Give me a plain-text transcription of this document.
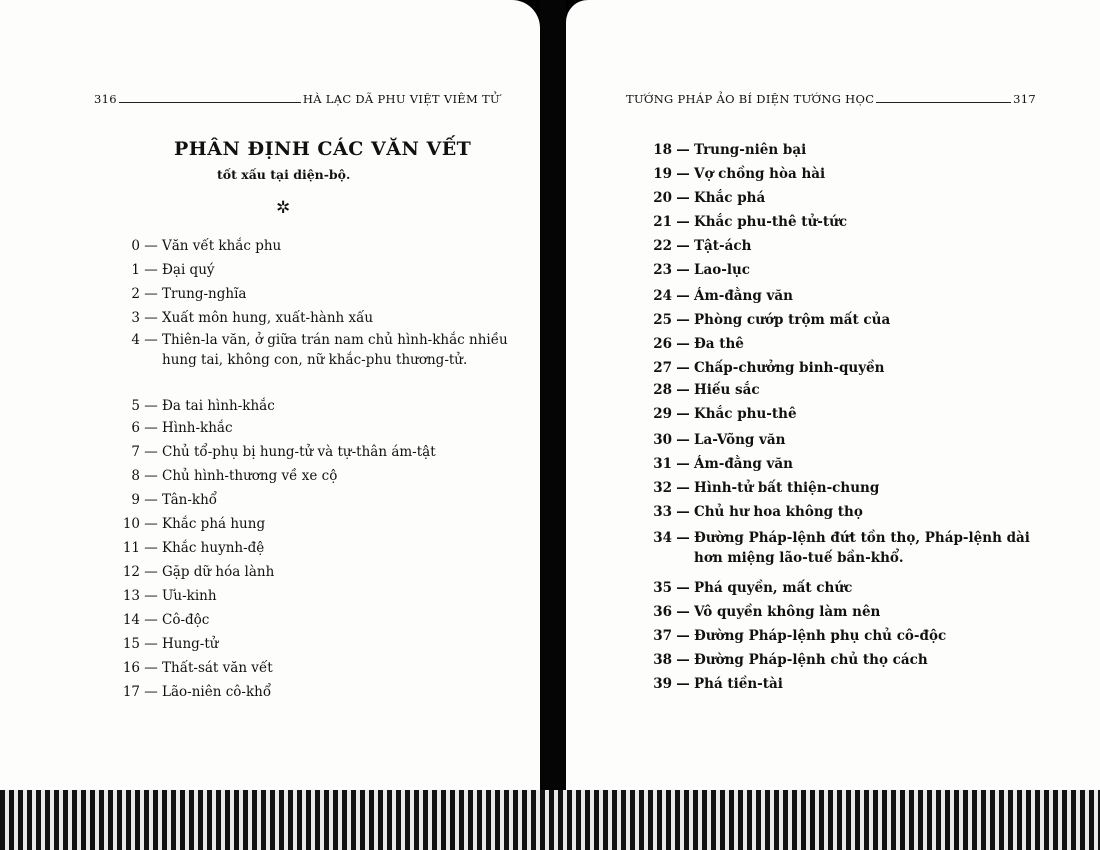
316	HÀ LẠC DÃ PHU VIỆT VIÊM TỬ	TƯỚNG PHÁP ẢO BÍ DIỆN TƯỚNG HỌC	317
PHÂN ĐỊNH CÁC VĂN VẾT
tốt xấu tại diện-bộ.
✲
0 — Văn vết khắc phu
1 — Đại quý
2 — Trung-nghĩa
3 — Xuất môn hung, xuất-hành xấu
4 — Thiên-la văn, ở giữa trán nam chủ hình-khắc nhiều hung tai, không con, nữ khắc-phu thương-tử.
5 — Đa tai hình-khắc
6 — Hình-khắc
7 — Chủ tổ-phụ bị hung-tử và tự-thân ám-tật
8 — Chủ hình-thương về xe cộ
9 — Tân-khổ
10 — Khắc phá hung
11 — Khắc huynh-đệ
12 — Gặp dữ hóa lành
13 — Ưu-kinh
14 — Cô-độc
15 — Hung-tử
16 — Thất-sát văn vết
17 — Lão-niên cô-khổ
18 — Trung-niên bại
19 — Vợ chồng hòa hài
20 — Khắc phá
21 — Khắc phu-thê tử-tức
22 — Tật-ách
23 — Lao-lục
24 — Ám-đằng văn
25 — Phòng cướp trộm mất của
26 — Đa thê
27 — Chấp-chưởng binh-quyền
28 — Hiếu sắc
29 — Khắc phu-thê
30 — La-Võng văn
31 — Ám-đằng văn
32 — Hình-tử bất thiện-chung
33 — Chủ hư hoa không thọ
34 — Đường Pháp-lệnh đứt tồn thọ, Pháp-lệnh dài hơn miệng lão-tuế bần-khổ.
35 — Phá quyền, mất chức
36 — Vô quyền không làm nên
37 — Đường Pháp-lệnh phụ chủ cô-độc
38 — Đường Pháp-lệnh chủ thọ cách
39 — Phá tiền-tài
